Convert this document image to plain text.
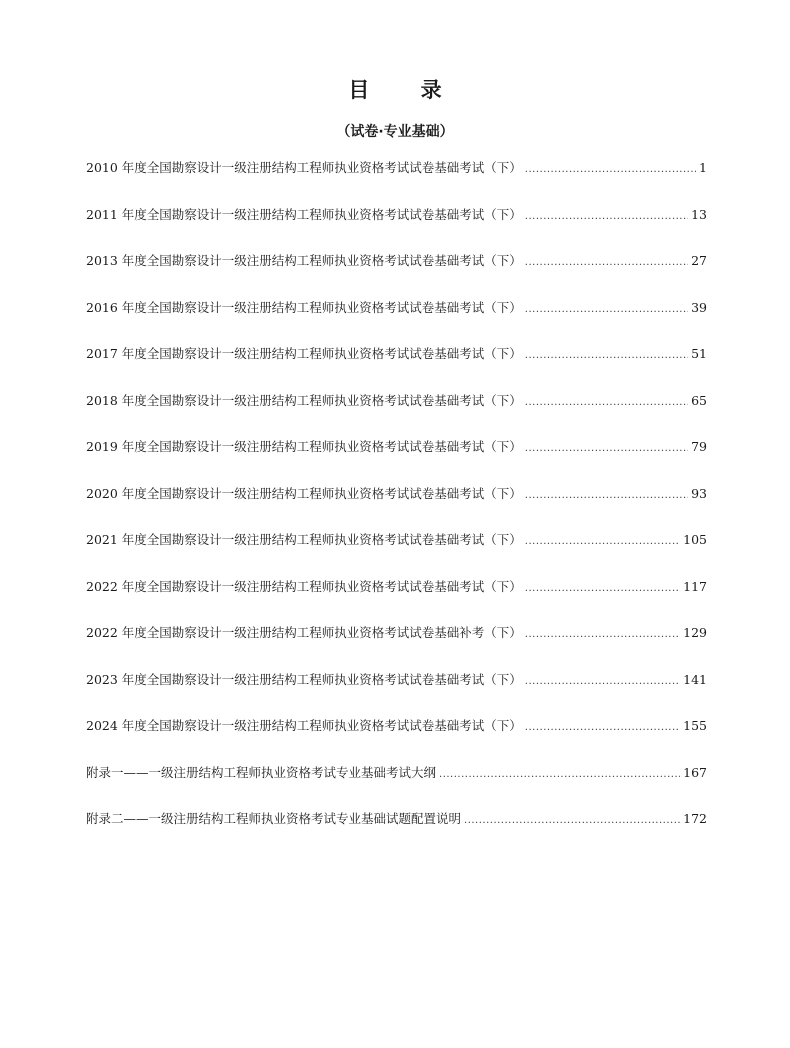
目 录
（试卷·专业基础）
2010 年度全国勘察设计一级注册结构工程师执业资格考试试卷基础考试（下） .....	1
2011 年度全国勘察设计一级注册结构工程师执业资格考试试卷基础考试（下） .....	13
2013 年度全国勘察设计一级注册结构工程师执业资格考试试卷基础考试（下） .....	27
2016 年度全国勘察设计一级注册结构工程师执业资格考试试卷基础考试（下） .....	39
2017 年度全国勘察设计一级注册结构工程师执业资格考试试卷基础考试（下） .....	51
2018 年度全国勘察设计一级注册结构工程师执业资格考试试卷基础考试（下） .....	65
2019 年度全国勘察设计一级注册结构工程师执业资格考试试卷基础考试（下） .....	79
2020 年度全国勘察设计一级注册结构工程师执业资格考试试卷基础考试（下） .....	93
2021 年度全国勘察设计一级注册结构工程师执业资格考试试卷基础考试（下） .....	105
2022 年度全国勘察设计一级注册结构工程师执业资格考试试卷基础考试（下） .....	117
2022 年度全国勘察设计一级注册结构工程师执业资格考试试卷基础补考（下） .....	129
2023 年度全国勘察设计一级注册结构工程师执业资格考试试卷基础考试（下） .....	141
2024 年度全国勘察设计一级注册结构工程师执业资格考试试卷基础考试（下） .....	155
附录一——一级注册结构工程师执业资格考试专业基础考试大纲 .....	167
附录二——一级注册结构工程师执业资格考试专业基础试题配置说明 .....	172
